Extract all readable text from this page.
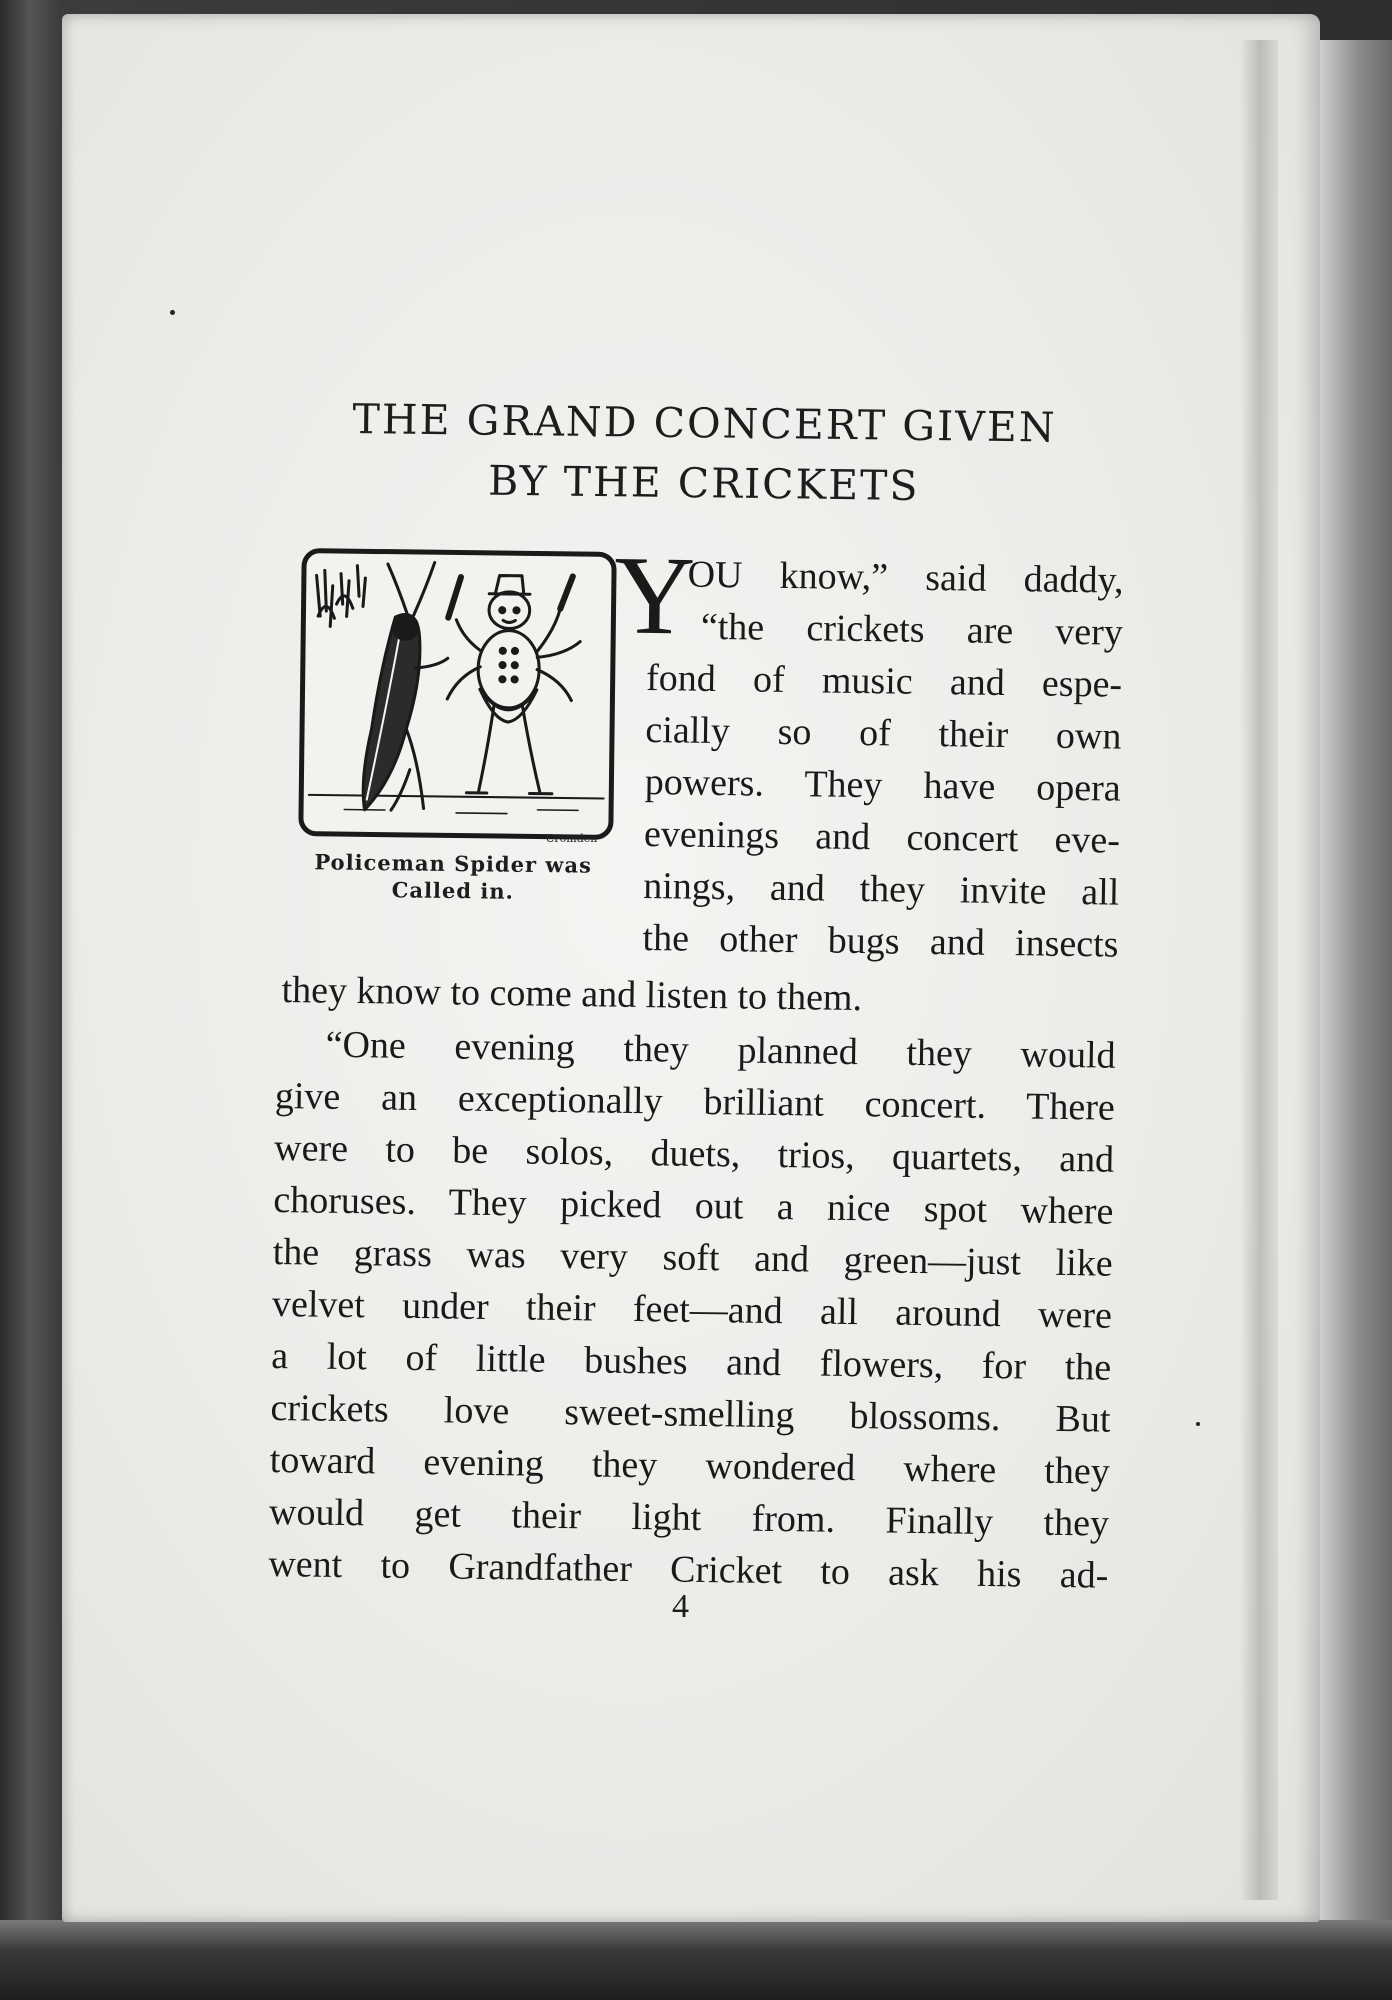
THE GRAND CONCERT GIVEN
BY THE CRICKETS
Cromden
Policeman Spider was
Called in.
Y
OU know,” said daddy,
“the crickets are very
fond of music and espe-
cially so of their own
powers. They have opera
evenings and concert eve-
nings, and they invite all
the other bugs and insects
they know to come and listen to them.
“One evening they planned they would
give an exceptionally brilliant concert. There
were to be solos, duets, trios, quartets, and
choruses. They picked out a nice spot where
the grass was very soft and green—just like
velvet under their feet—and all around were
a lot of little bushes and flowers, for the
crickets love sweet-smelling blossoms. But
toward evening they wondered where they
would get their light from. Finally they
went to Grandfather Cricket to ask his ad-
4
